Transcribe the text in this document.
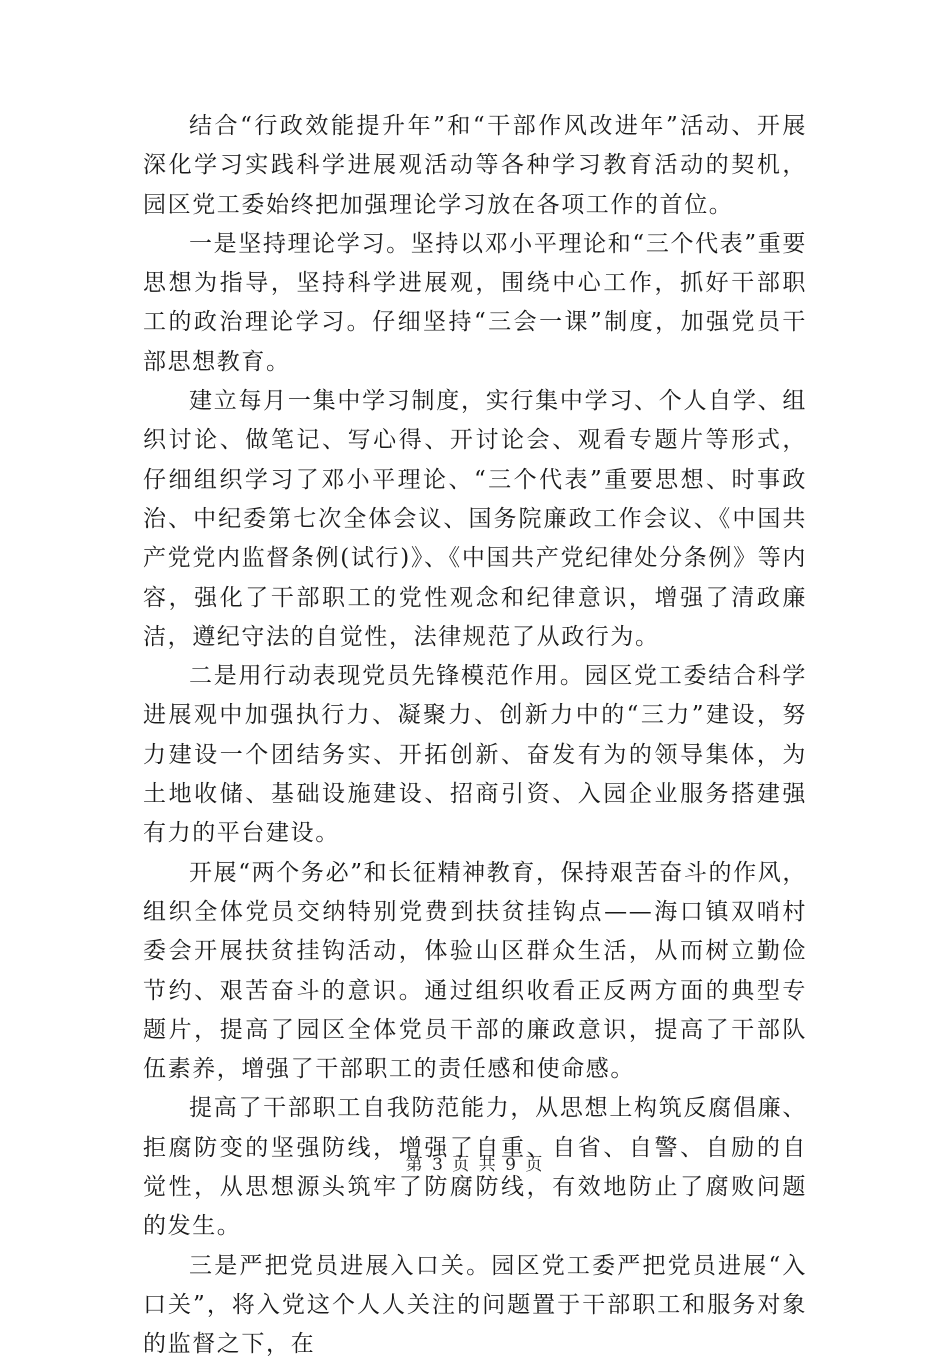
结合“行政效能提升年”和“干部作风改进年”活动、开展深化学习实践科学进展观活动等各种学习教育活动的契机，园区党工委始终把加强理论学习放在各项工作的首位。

一是坚持理论学习。坚持以邓小平理论和“三个代表”重要思想为指导，坚持科学进展观，围绕中心工作，抓好干部职工的政治理论学习。仔细坚持“三会一课”制度，加强党员干部思想教育。

建立每月一集中学习制度，实行集中学习、个人自学、组织讨论、做笔记、写心得、开讨论会、观看专题片等形式，仔细组织学习了邓小平理论、“三个代表”重要思想、时事政治、中纪委第七次全体会议、国务院廉政工作会议、《中国共产党党内监督条例(试行)》、《中国共产党纪律处分条例》等内容，强化了干部职工的党性观念和纪律意识，增强了清政廉洁，遵纪守法的自觉性，法律规范了从政行为。

二是用行动表现党员先锋模范作用。园区党工委结合科学进展观中加强执行力、凝聚力、创新力中的“三力”建设，努力建设一个团结务实、开拓创新、奋发有为的领导集体，为土地收储、基础设施建设、招商引资、入园企业服务搭建强有力的平台建设。

开展“两个务必”和长征精神教育，保持艰苦奋斗的作风，组织全体党员交纳特别党费到扶贫挂钩点——海口镇双哨村委会开展扶贫挂钩活动，体验山区群众生活，从而树立勤俭节约、艰苦奋斗的意识。通过组织收看正反两方面的典型专题片，提高了园区全体党员干部的廉政意识，提高了干部队伍素养，增强了干部职工的责任感和使命感。

提高了干部职工自我防范能力，从思想上构筑反腐倡廉、拒腐防变的坚强防线，增强了自重、自省、自警、自励的自觉性，从思想源头筑牢了防腐防线，有效地防止了腐败问题的发生。

三是严把党员进展入口关。园区党工委严把党员进展“入口关”，将入党这个人人关注的问题置于干部职工和服务对象的监督之下，在

第 3 页 共 9 页
